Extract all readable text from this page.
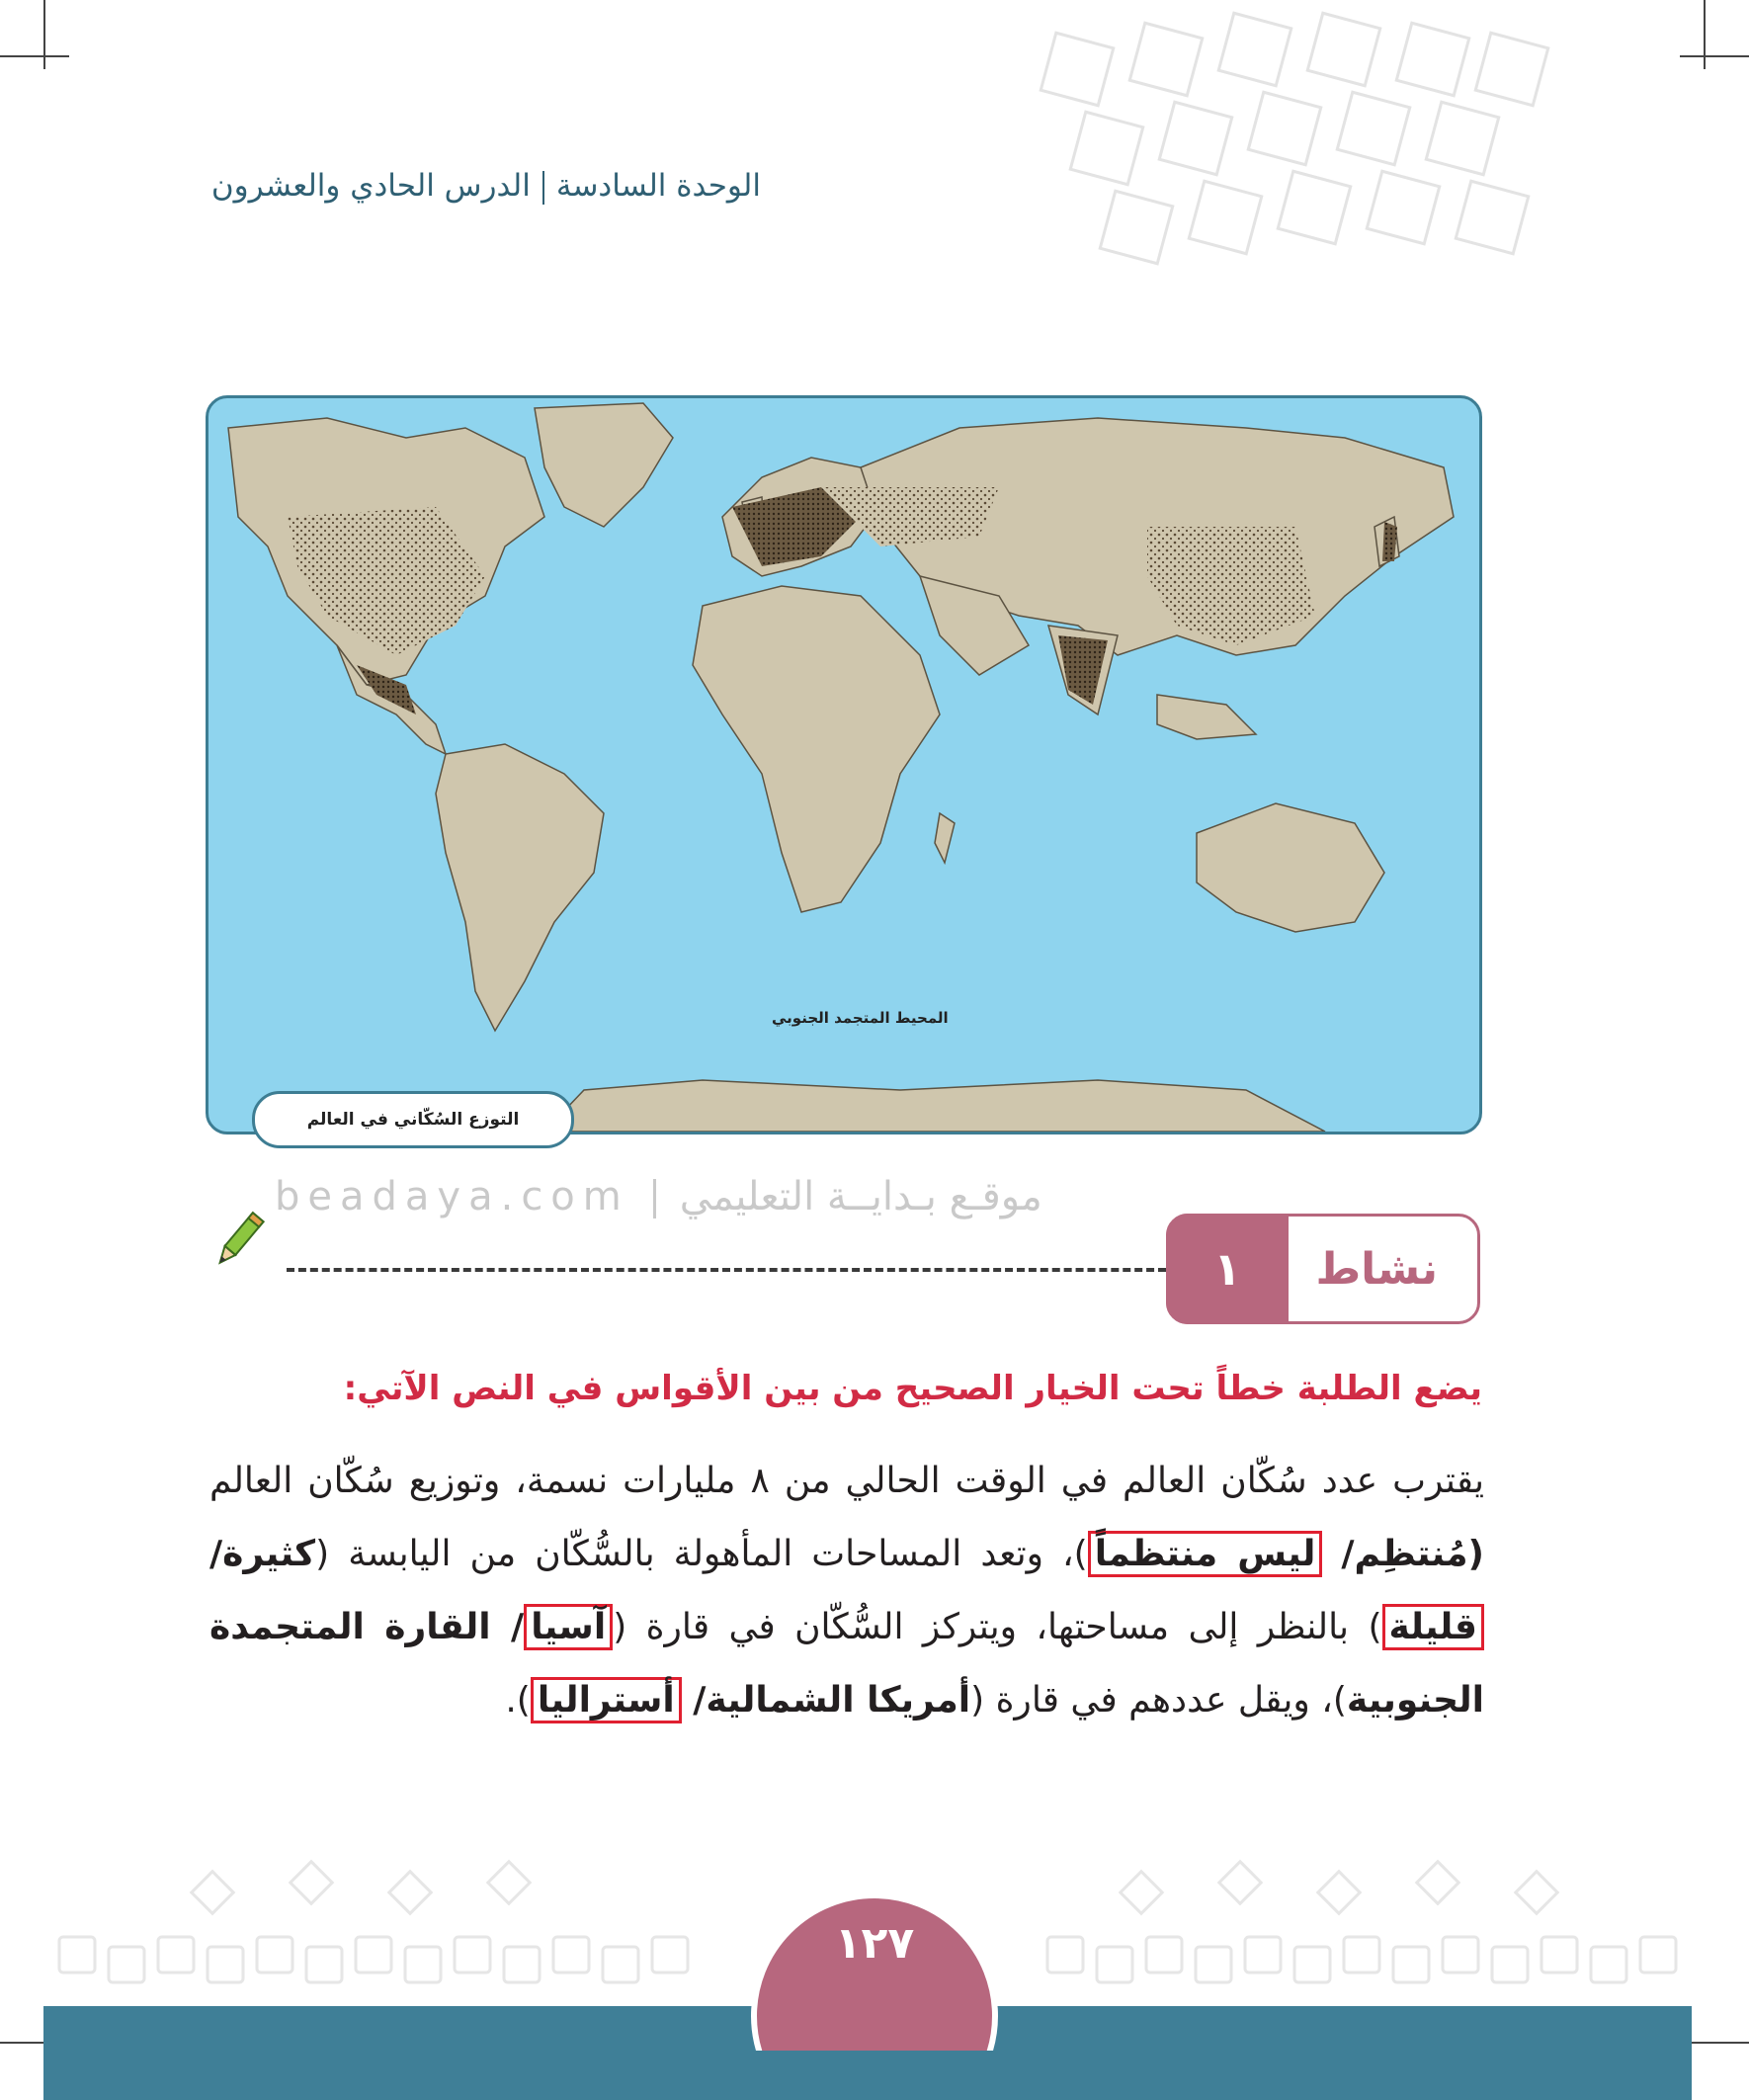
الوحدة السادسةالدرس الحادي والعشرون
المحيط المتجمد الجنوبي
التوزع السُكّاني في العالم
beadaya.com موقـع بـدايــة التعليمي
١	نشاط
يضع الطلبة خطاً تحت الخيار الصحيح من بين الأقواس في النص الآتي:
يقترب عدد سُكّان العالم في الوقت الحالي من ٨ مليارات نسمة، وتوزيع سُكّان العالم (مُنتظِم/ ليس منتظماً)، وتعد المساحات المأهولة بالسُّكّان من اليابسة (كثيرة/ قليلة) بالنظر إلى مساحتها، ويتركز السُّكّان في قارة (آسيا/ القارة المتجمدة الجنوبية)، ويقل عددهم في قارة (أمريكا الشمالية/ أستراليا).
١٢٧
